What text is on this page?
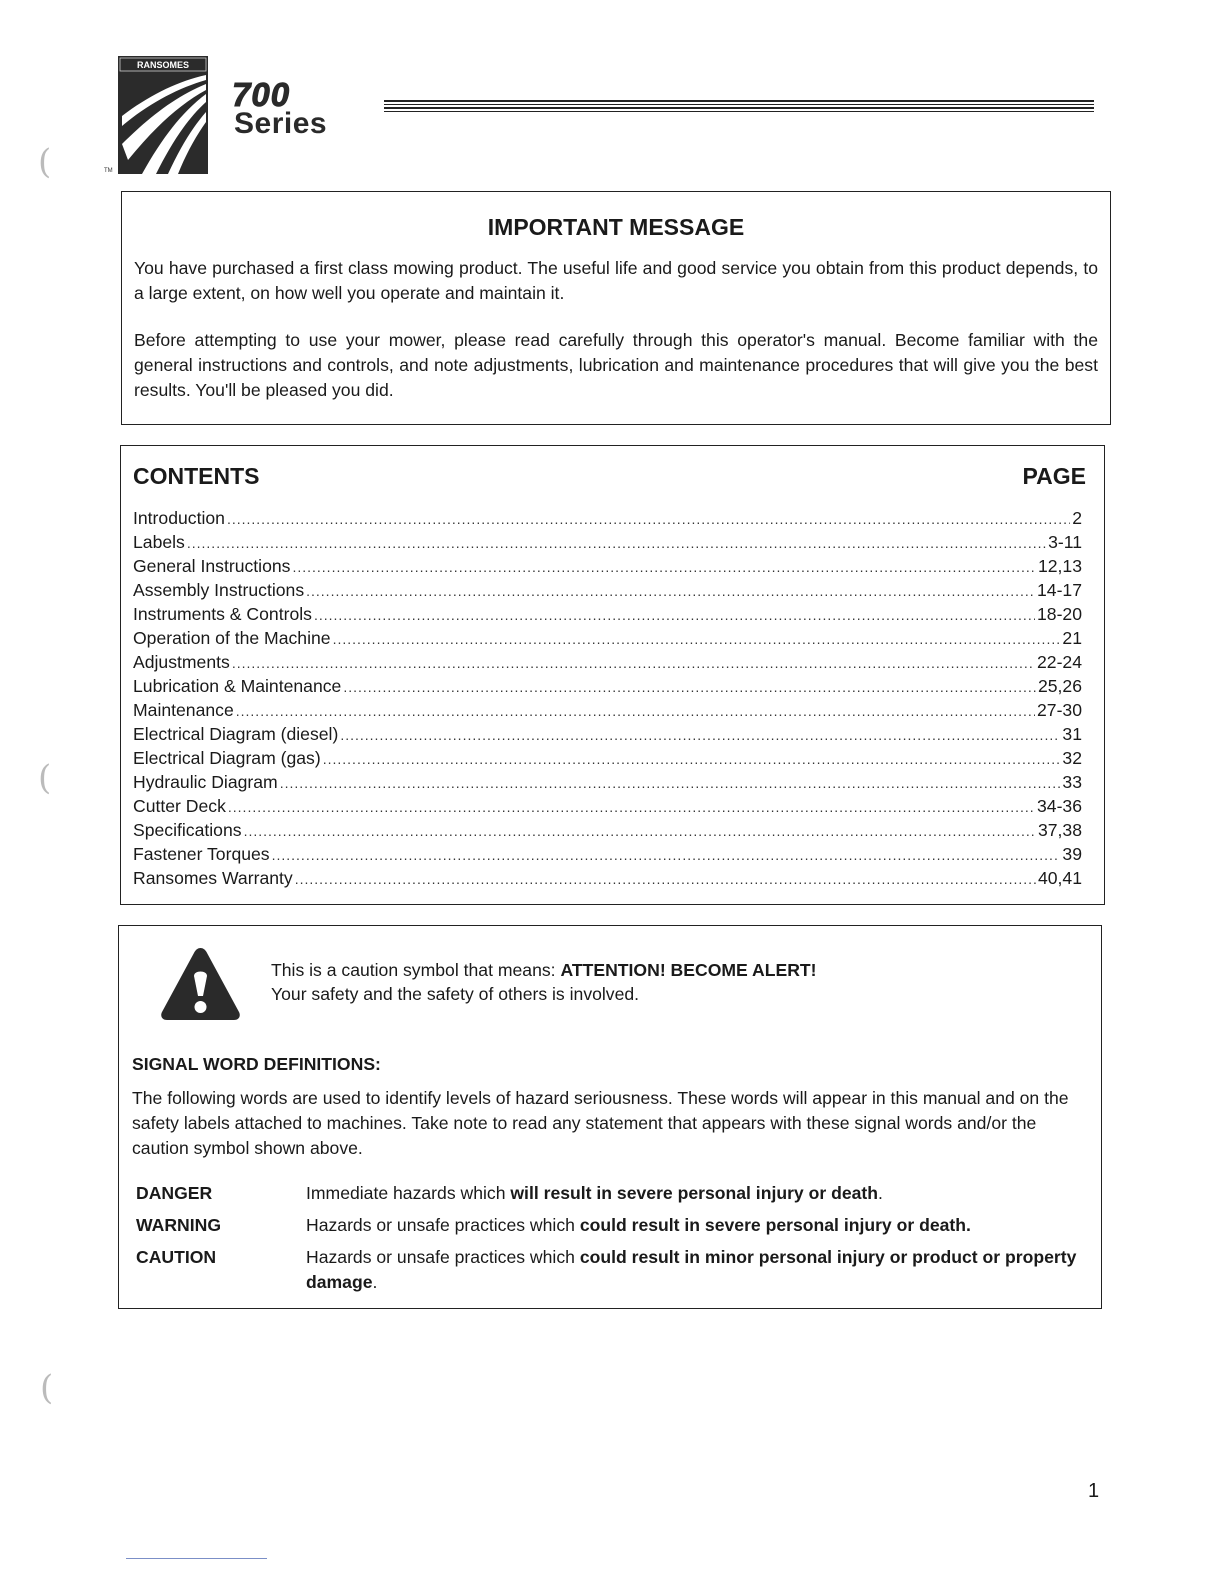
RANSOMES
TM
700
Series
IMPORTANT MESSAGE
You have purchased a first class mowing product. The useful life and good service you obtain from this product depends, to a large extent, on how well you operate and maintain it.
Before attempting to use your mower, please read carefully through this operator's manual. Become familiar with the general instructions and controls, and note adjustments, lubrication and maintenance procedures that will give you the best results. You'll be pleased you did.
CONTENTS	PAGE
Introduction .....	2
Labels .....	3-11
General Instructions .....	12,13
Assembly Instructions .....	14-17
Instruments & Controls .....	18-20
Operation of the Machine .....	21
Adjustments .....	22-24
Lubrication & Maintenance .....	25,26
Maintenance .....	27-30
Electrical Diagram (diesel) .....	31
Electrical Diagram (gas) .....	32
Hydraulic Diagram .....	33
Cutter Deck .....	34-36
Specifications .....	37,38
Fastener Torques .....	39
Ransomes Warranty .....	40,41
This is a caution symbol that means: ATTENTION! BECOME ALERT!
Your safety and the safety of others is involved.
SIGNAL WORD DEFINITIONS:
The following words are used to identify levels of hazard seriousness. These words will appear in this manual and on the safety labels attached to machines. Take note to read any statement that appears with these signal words and/or the caution symbol shown above.
DANGER	Immediate hazards which will result in severe personal injury or death.
WARNING	Hazards or unsafe practices which could result in severe personal injury or death.
CAUTION	Hazards or unsafe practices which could result in minor personal injury or product or property damage.
(
(
(
1
